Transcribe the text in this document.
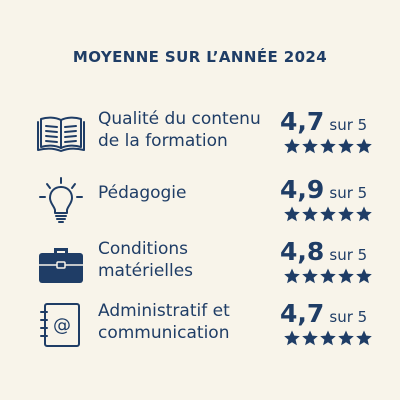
MOYENNE SUR L’ANNÉE 2024
Qualité du contenu
de la formation
4,7 sur 5
Pédagogie	4,9 sur 5
Conditions
matérielles
4,8 sur 5
@
Administratif et
communication
4,7 sur 5
